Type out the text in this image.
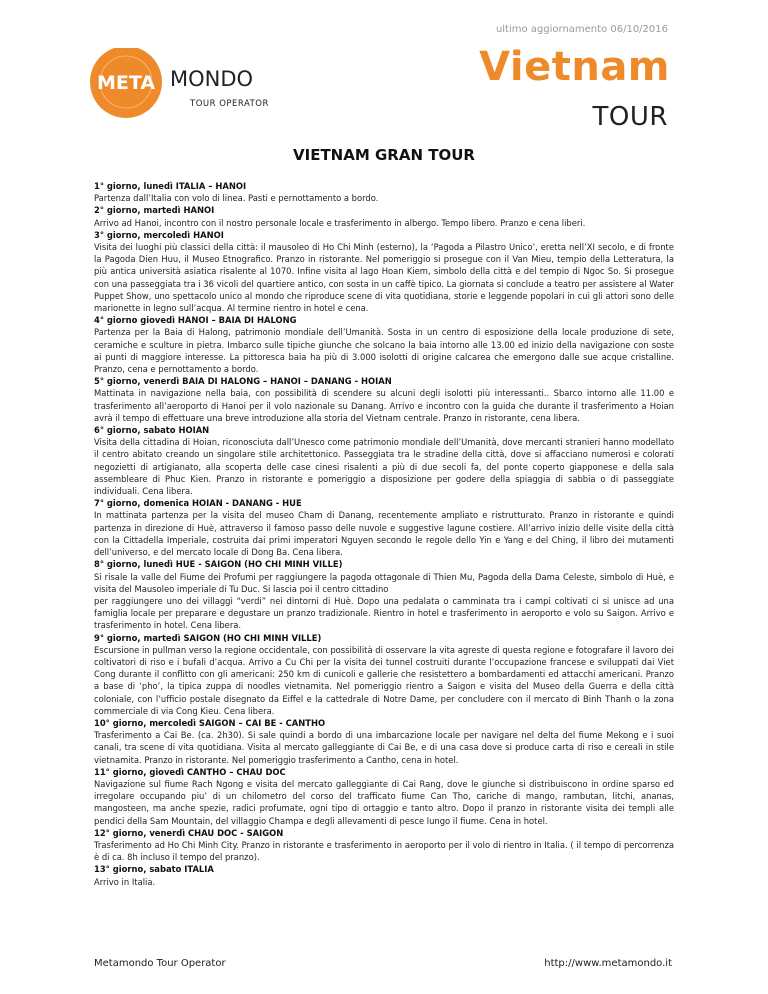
ultimo aggiornamento 06/10/2016
META MONDO
TOUR OPERATOR
Vietnam
TOUR
VIETNAM GRAN TOUR
1° giorno, lunedì ITALIA – HANOI

Partenza dall’Italia con volo di linea. Pasti e pernottamento a bordo.

2° giorno, martedì HANOI

Arrivo ad Hanoi, incontro con il nostro personale locale e trasferimento in albergo. Tempo libero. Pranzo e cena liberi.

3° giorno, mercoledì HANOI

Visita dei luoghi più classici della città: il mausoleo di Ho Chi Minh (esterno), la ‘Pagoda a Pilastro Unico’, eretta nell’XI secolo, e di fronte la Pagoda Dien Huu, il Museo Etnografico. Pranzo in ristorante. Nel pomeriggio si prosegue con il Van Mieu, tempio della Letteratura, la più antica università asiatica risalente al 1070. Infine visita al lago Hoan Kiem, simbolo della città e del tempio di Ngoc So. Si prosegue con una passeggiata tra i 36 vicoli del quartiere antico, con sosta in un caffè tipico. La giornata si conclude a teatro per assistere al Water Puppet Show, uno spettacolo unico al mondo che riproduce scene di vita quotidiana, storie e leggende popolari in cui gli attori sono delle marionette in legno sull’acqua. Al termine rientro in hotel e cena.

4° giorno giovedì HANOI – BAIA DI HALONG

Partenza per la Baia di Halong, patrimonio mondiale dell’Umanità. Sosta in un centro di esposizione della locale produzione di sete, ceramiche e sculture in pietra. Imbarco sulle tipiche giunche che solcano la baia intorno alle 13.00 ed inizio della navigazione con soste ai punti di maggiore interesse. La pittoresca baia ha più di 3.000 isolotti di origine calcarea che emergono dalle sue acque cristalline. Pranzo, cena e pernottamento a bordo.

5° giorno, venerdì BAIA DI HALONG – HANOI – DANANG - HOIAN

Mattinata in navigazione nella baia, con possibilità di scendere su alcuni degli isolotti più interessanti.. Sbarco intorno alle 11.00 e trasferimento all’aeroporto di Hanoi per il volo nazionale su Danang. Arrivo e incontro con la guida che durante il trasferimento a Hoian avrà il tempo di effettuare una breve introduzione alla storia del Vietnam centrale. Pranzo in ristorante, cena libera.

6° giorno, sabato HOIAN

Visita della cittadina di Hoian, riconosciuta dall’Unesco come patrimonio mondiale dell’Umanità, dove mercanti stranieri hanno modellato il centro abitato creando un singolare stile architettonico. Passeggiata tra le stradine della città, dove si affacciano numerosi e colorati negozietti di artigianato, alla scoperta delle case cinesi risalenti a più di due secoli fa, del ponte coperto giapponese e della sala assembleare di Phuc Kien. Pranzo in ristorante e pomeriggio a disposizione per godere della spiaggia di sabbia o di passeggiate individuali. Cena libera.

7° giorno, domenica HOIAN - DANANG - HUE

In mattinata partenza per la visita del museo Cham di Danang, recentemente ampliato e ristrutturato. Pranzo in ristorante e quindi partenza in direzione di Huè, attraverso il famoso passo delle nuvole e suggestive lagune costiere. All’arrivo inizio delle visite della città con la Cittadella Imperiale, costruita dai primi imperatori Nguyen secondo le regole dello Yin e Yang e del Ching, il libro dei mutamenti dell’universo, e del mercato locale di Dong Ba. Cena libera.

8° giorno, lunedì HUE - SAIGON (HO CHI MINH VILLE)

Si risale la valle del Fiume dei Profumi per raggiungere la pagoda ottagonale di Thien Mu, Pagoda della Dama Celeste, simbolo di Huè, e visita del Mausoleo imperiale di Tu Duc. Si lascia poi il centro cittadino
per raggiungere uno dei villaggi “verdi” nei dintorni di Huè. Dopo una pedalata o camminata tra i campi coltivati ci si unisce ad una famiglia locale per preparare e degustare un pranzo tradizionale. Rientro in hotel e trasferimento in aeroporto e volo su Saigon. Arrivo e trasferimento in hotel. Cena libera.

9° giorno, martedì SAIGON (HO CHI MINH VILLE)

Escursione in pullman verso la regione occidentale, con possibilità di osservare la vita agreste di questa regione e fotografare il lavoro dei coltivatori di riso e i bufali d’acqua. Arrivo a Cu Chi per la visita dei tunnel costruiti durante l’occupazione francese e sviluppati dai Viet Cong durante il conflitto con gli americani: 250 km di cunicoli e gallerie che resistettero a bombardamenti ed attacchi americani. Pranzo a base di ‘pho’, la tipica zuppa di noodles vietnamita. Nel pomeriggio rientro a Saigon e visita del Museo della Guerra e della città coloniale, con l’ufficio postale disegnato da Eiffel e la cattedrale di Notre Dame, per concludere con il mercato di Binh Thanh o la zona commerciale di via Cong Kieu. Cena libera.

10° giorno, mercoledì SAIGON – CAI BE - CANTHO

Trasferimento a Cai Be. (ca. 2h30). Si sale quindi a bordo di una imbarcazione locale per navigare nel delta del fiume Mekong e i suoi canali, tra scene di vita quotidiana. Visita al mercato galleggiante di Cai Be, e di una casa dove si produce carta di riso e cereali in stile vietnamita. Pranzo in ristorante. Nel pomeriggio trasferimento a Cantho, cena in hotel.

11° giorno, giovedì CANTHO – CHAU DOC

Navigazione sul fiume Rach Ngong e visita del mercato galleggiante di Cai Rang, dove le giunche si distribuiscono in ordine sparso ed irregolare occupando piu’ di un chilometro del corso del trafficato fiume Can Tho, cariche di mango, rambutan, litchi, ananas, mangosteen, ma anche spezie, radici profumate, ogni tipo di ortaggio e tanto altro. Dopo il pranzo in ristorante visita dei templi alle pendici della Sam Mountain, del villaggio Champa e degli allevamenti di pesce lungo il fiume. Cena in hotel.

12° giorno, venerdì CHAU DOC - SAIGON

Trasferimento ad Ho Chi Minh City. Pranzo in ristorante e trasferimento in aeroporto per il volo di rientro in Italia. ( il tempo di percorrenza è di ca. 8h incluso il tempo del pranzo).

13° giorno, sabato ITALIA

Arrivo in Italia.

Metamondo Tour Operator	http://www.metamondo.it
